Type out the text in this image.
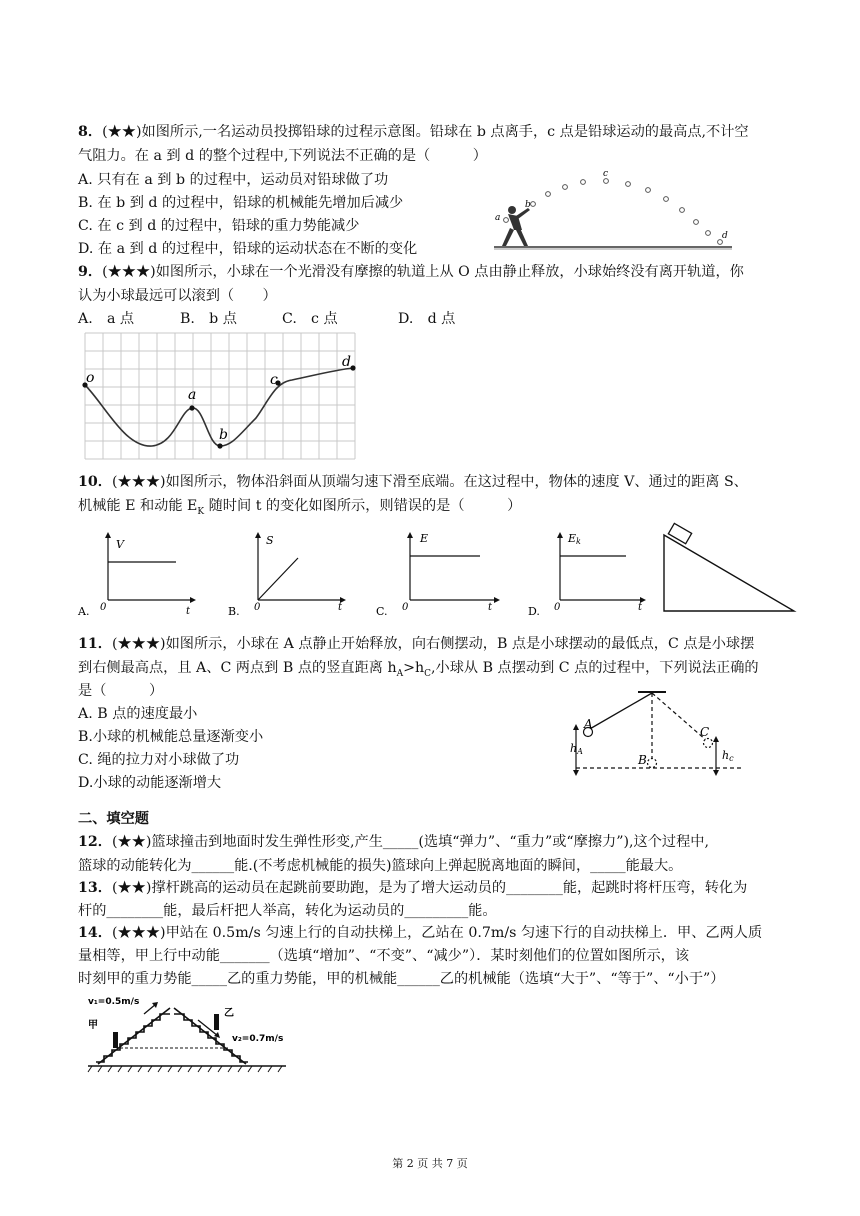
8．(★★)如图所示,一名运动员投掷铅球的过程示意图。铅球在 b 点离手，c 点是铅球运动的最高点,不计空
气阻力。在 a 到 d 的整个过程中,下列说法不正确的是（　　　）
A. 只有在 a 到 b 的过程中，运动员对铅球做了功
B. 在 b 到 d 的过程中，铅球的机械能先增加后减少
C. 在 c 到 d 的过程中，铅球的重力势能减少
D. 在 a 到 d 的过程中，铅球的运动状态在不断的变化
a
b
c
d
9．(★★★)如图所示，小球在一个光滑没有摩擦的轨道上从 O 点由静止释放，小球始终没有离开轨道，你
认为小球最远可以滚到（　　）
A.　a 点	B.　b 点	C.　c 点	D.　d 点
o
a
b
c
d
10．(★★★)如图所示，物体沿斜面从顶端匀速下滑至底端。在这过程中，物体的速度 V、通过的距离 S、
机械能 E 和动能 $E_K$ 随时间 t 的变化如图所示，则错误的是（　　　）
V
0	t
A.
S
0	t
B.
E
0	t
C.
Ek
0	t
D.
11．(★★★)如图所示，小球在 A 点静止开始释放，向右侧摆动，B 点是小球摆动的最低点，C 点是小球摆
到右侧最高点，且 A、C 两点到 B 点的竖直距离 $h_A>h_C$,小球从 B 点摆动到 C 点的过程中，下列说法正确的
是（　　　）
A. B 点的速度最小
B.小球的机械能总量逐渐变小
C. 绳的拉力对小球做了功
D.小球的动能逐渐增大
A
B
C
hA	hc
二、填空题
12．(★★)篮球撞击到地面时发生弹性形变,产生_____(选填“弹力”、“重力”或“摩擦力”),这个过程中,
篮球的动能转化为______能.(不考虑机械能的损失)篮球向上弹起脱离地面的瞬间，_____能最大。
13．(★★)撑杆跳高的运动员在起跳前要助跑，是为了增大运动员的________能，起跳时将杆压弯，转化为
杆的________能，最后杆把人举高，转化为运动员的_________能。
14．(★★★)甲站在 0.5m/s 匀速上行的自动扶梯上，乙站在 0.7m/s 匀速下行的自动扶梯上．甲、乙两人质
量相等，甲上行中动能_______（选填“增加”、“不变”、“减少”）．某时刻他们的位置如图所示，该
时刻甲的重力势能_____乙的重力势能，甲的机械能______乙的机械能（选填“大于”、“等于”、“小于”）
v₁=0.5m/s
v₂=0.7m/s
甲
乙
第 2 页 共 7 页
